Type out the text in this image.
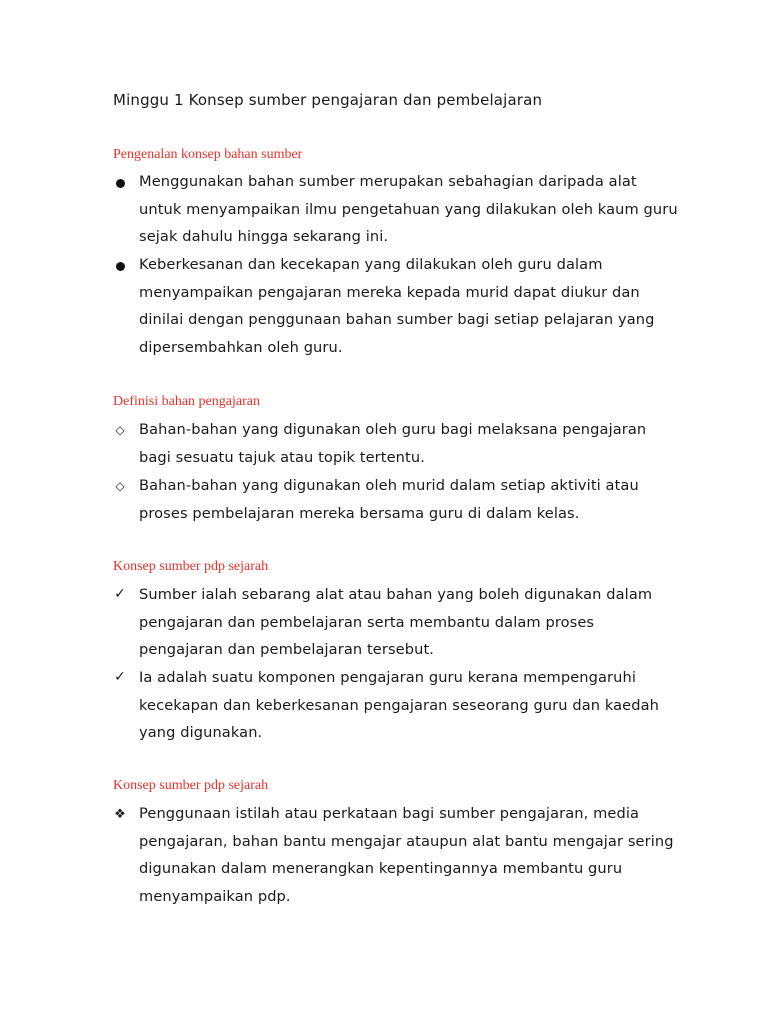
Minggu 1 Konsep sumber pengajaran dan pembelajaran
Pengenalan konsep bahan sumber
Menggunakan bahan sumber merupakan sebahagian daripada alat untuk menyampaikan ilmu pengetahuan yang dilakukan oleh kaum guru sejak dahulu hingga sekarang ini.
Keberkesanan dan kecekapan yang dilakukan oleh guru dalam menyampaikan pengajaran mereka kepada murid dapat diukur dan dinilai dengan penggunaan bahan sumber bagi setiap pelajaran yang dipersembahkan oleh guru.
Definisi bahan pengajaran
◇ Bahan-bahan yang digunakan oleh guru bagi melaksana pengajaran bagi sesuatu tajuk atau topik tertentu.
◇ Bahan-bahan yang digunakan oleh murid dalam setiap aktiviti atau proses pembelajaran mereka bersama guru di dalam kelas.
Konsep sumber pdp sejarah
✓ Sumber ialah sebarang alat atau bahan yang boleh digunakan dalam pengajaran dan pembelajaran serta membantu dalam proses pengajaran dan pembelajaran tersebut.
✓ Ia adalah suatu komponen pengajaran guru kerana mempengaruhi kecekapan dan keberkesanan pengajaran seseorang guru dan kaedah yang digunakan.
Konsep sumber pdp sejarah
❖ Penggunaan istilah atau perkataan bagi sumber pengajaran, media pengajaran, bahan bantu mengajar ataupun alat bantu mengajar sering digunakan dalam menerangkan kepentingannya membantu guru menyampaikan pdp.
